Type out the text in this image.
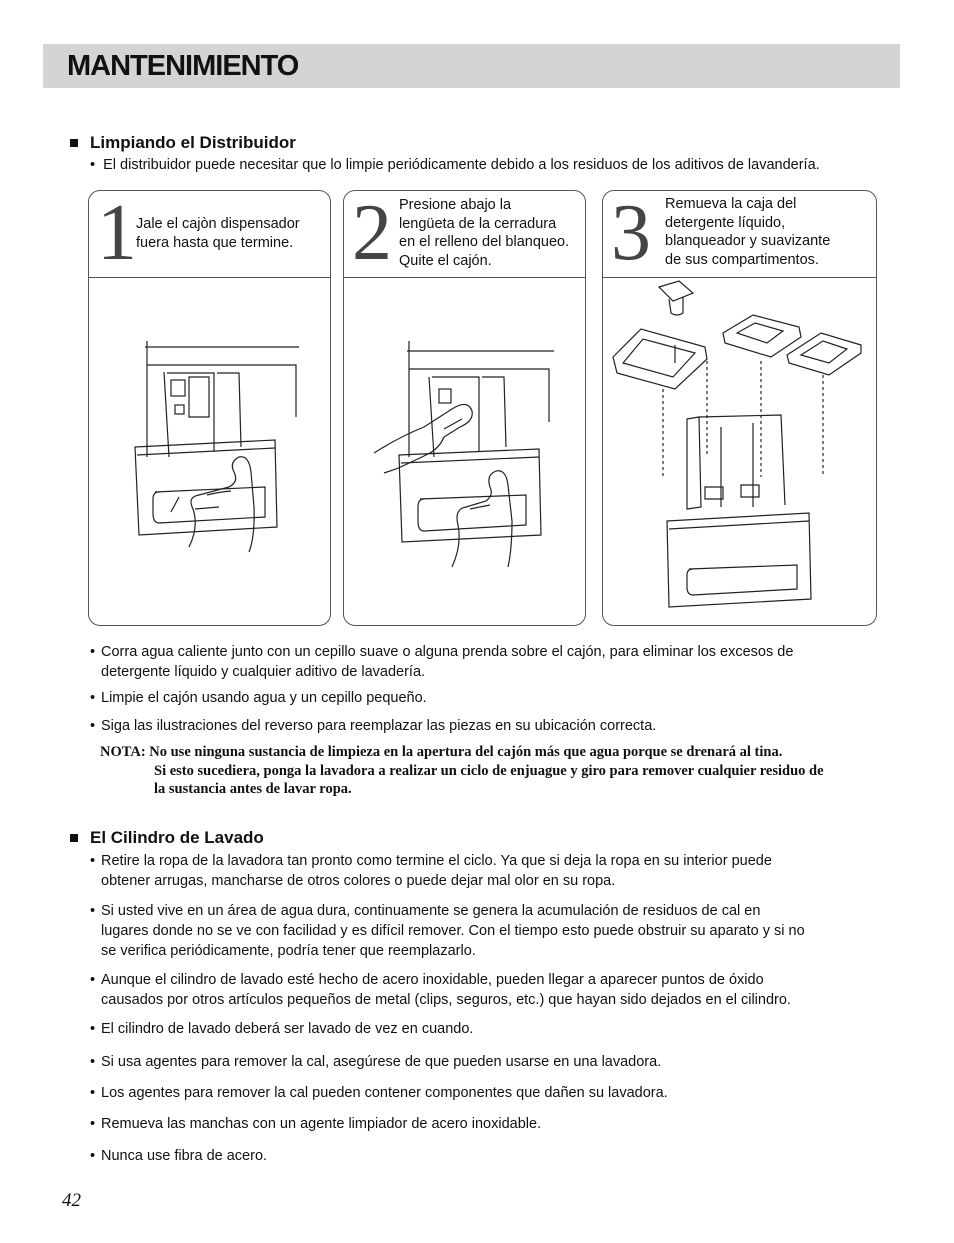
MANTENIMIENTO
Limpiando el Distribuidor
• El distribuidor puede necesitar que lo limpie periódicamente debido a los residuos de los aditivos de lavandería.
1 Jale el cajòn dispensador
fuera hasta que termine. 2 Presione abajo la
lengüeta de la cerradura
en el relleno del blanqueo.
Quite el cajón.	3 Remueva la caja del
detergente líquido,
blanqueador y suavizante
de sus compartimentos.
• Corra agua caliente junto con un cepillo suave o alguna prenda sobre el cajón, para eliminar los excesos de
detergente líquido y cualquier aditivo de lavadería.
• Limpie el cajón usando agua y un cepillo pequeño.
• Siga las ilustraciones del reverso para reemplazar las piezas en su ubicación correcta.
NOTA: No use ninguna sustancia de limpieza en la apertura del cajón más que agua porque se drenará al tina.
Si esto sucediera, ponga la lavadora a realizar un ciclo de enjuague y giro para remover cualquier residuo de
la sustancia antes de lavar ropa.
El Cilindro de Lavado
• Retire la ropa de la lavadora tan pronto como termine el ciclo. Ya que si deja la ropa en su interior puede
obtener arrugas, mancharse de otros colores o puede dejar mal olor en su ropa.
• Si usted vive en un área de agua dura, continuamente se genera la acumulación de residuos de cal en
lugares donde no se ve con facilidad y es difícil remover. Con el tiempo esto puede obstruir su aparato y si no
se verifica periódicamente, podría tener que reemplazarlo.
• Aunque el cilindro de lavado esté hecho de acero inoxidable, pueden llegar a aparecer puntos de óxido
causados por otros artículos pequeños de metal (clips, seguros, etc.) que hayan sido dejados en el cilindro.
• El cilindro de lavado deberá ser lavado de vez en cuando.
• Si usa agentes para remover la cal, asegúrese de que pueden usarse en una lavadora.
• Los agentes para remover la cal pueden contener componentes que dañen su lavadora.
• Remueva las manchas con un agente limpiador de acero inoxidable.
• Nunca use fibra de acero.
42
